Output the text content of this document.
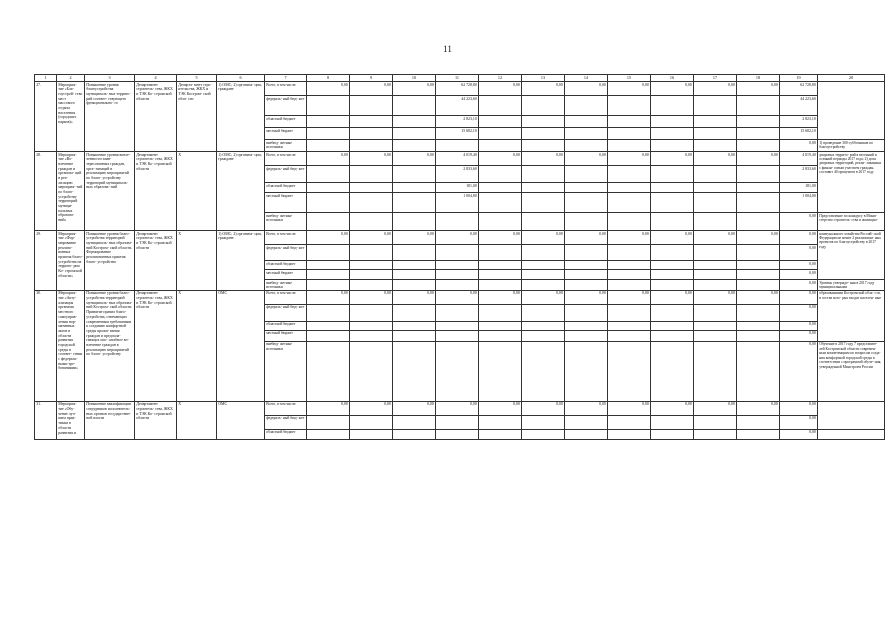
11
1	2	3	4	5	6	7	8	9	10	11	12	13	14	15	16	17	18	19	20
27.	Мероприя- тие «Бла- гоустрой- ство мест массового отдыха населения (городских парков)»	Повышение уровня благоустройства муниципаль- ных террито- рий соответ- ствующего функционально- го	Департамент строитель- ства, ЖКХ и ТЭК Ко- стромской области	Департа- мент стро- ительства, ЖКХ и ТЭК Костром- ской обла- сти	1) ОМС; 2) организа- ции, граждане	Всего, в том числе:	0,00	0,00	0,00	62 728,80	0,00	0,00	0,00	0,00	0,00	0,00	0,00	62 728,80	
						федераль- ный бюд- жет				44 223,60								44 223,60	
						областной бюджет				2 823,10								2 823,10	
						местный бюджет				15 682,10								15 682,10	
						внебюд- жетные источники												0,00	1) проведение 300 субботников по благоустройству
28.	Мероприя- тие «Во- влечение граждан и организа- ций в реа- лизацию мероприя- тий по благо- устройству территорий муници- пальных образова- ний»	Повышение уровня вовле- ченности заин- тересованных граждан, орга- низаций в реализацию мероприятий по благо- устройству территорий муниципаль- ных образова- ний	Департамент строитель- ства, ЖКХ и ТЭК Ко- стромской области	X	1) ОМС; 2) организа- ции, граждане	Всего, в том числе:	0,00	0,00	0,00	4 019,40	0,00	0,00	0,00	0,00	0,00	0,00	0,00	4 019,40	дворовых террито- рий в весенний и осенний периоды 2017 года; 2) доля дворовых территорий, реали- зованных с финан- совым участием граждан, составит 40 процентов в 2017 году
						федераль- ный бюд- жет				2 833,60								2 833,60	
						областной бюджет				181,00								181,00	
						местный бюджет				1 004,80								1 004,80	
						внебюд- жетные источники												0,00	Представление по конкурсу в Мини- стерство строитель- ства и жилищно-
29.	Мероприя- тие «Фор- мирование реализо- ванных практик благо- устройства на террито- рии Ко- стромской области»	Повышение уровня благо- устройства территорий муниципаль- ных образова- ний Костром- ской области. Формирование реализованных практик благо- устройства	Департамент строитель- ства, ЖКХ и ТЭК Ко- стромской области	X	1) ОМС; 2) организа- ции, граждане	Всего, в том числе:	0,00	0,00	0,00	0,00	0,00	0,00	0,00	0,00	0,00	0,00	0,00	0,00	коммунального хозяйства Россий- ской Федерации не менее 2 реализован- ных проектов по благоустройству в 2017 году
						федераль- ный бюд- жет												0,00	
						областной бюджет												0,00	
						местный бюджет												0,00	
						внебюд- жетные источники												0,00	Уровень утвержде- ния в 2017 году муниципальными
30.	Мероприя- тие «Акту- ализация органами местного самоуправ- ления нор- мативных актов в области развития городской среды в соответ- ствии с федераль- ными тре- бованиями»	Повышение уровня благо- устройства территорий муниципаль- ных образова- ний Костром- ской области. Принятие правил благо- устройства, отвечающих современным требованиям к созданию комфортной среды прожи- вания граждан и предпола- гающих мас- штабное во- влечение граждан в реализацию мероприятий по благо- устройству	Департамент строитель- ства, ЖКХ и ТЭК Ко- стромской области	X	ОМС	Всего, в том числе:	0,00	0,00	0,00	0,00	0,00	0,00	0,00	0,00	0,00	0,00	0,00	0,00	образованиями Костромской обла- сти, в состав кото- рых входят населен- ные
						федераль- ный бюд- жет												0,00	
						областной бюджет												0,00	
						местный бюджет												0,00	
						внебюд- жетные источники												0,00	Обучение в 2017 году 7 представите- лей Костромской области современ- ным компетенциям по вопросам созда- ния комфортной городской среды в соответствии с программой обуче- ния, утвержденной Минстроем России
31.	Мероприя- тие «Обу- чение луч- шим прак- тикам в области развития и	Повышение квалификации сотрудников исполнитель- ных органов государствен- ной власти	Департамент строитель- ства, ЖКХ и ТЭК Ко- стромской области	X	ОМС	Всего, в том числе:	0,00	0,00	0,00	0,00	0,00	0,00	0,00	0,00	0,00	0,00	0,00	0,00	
						федераль- ный бюд- жет												0,00	
						областной бюджет												0,00	
